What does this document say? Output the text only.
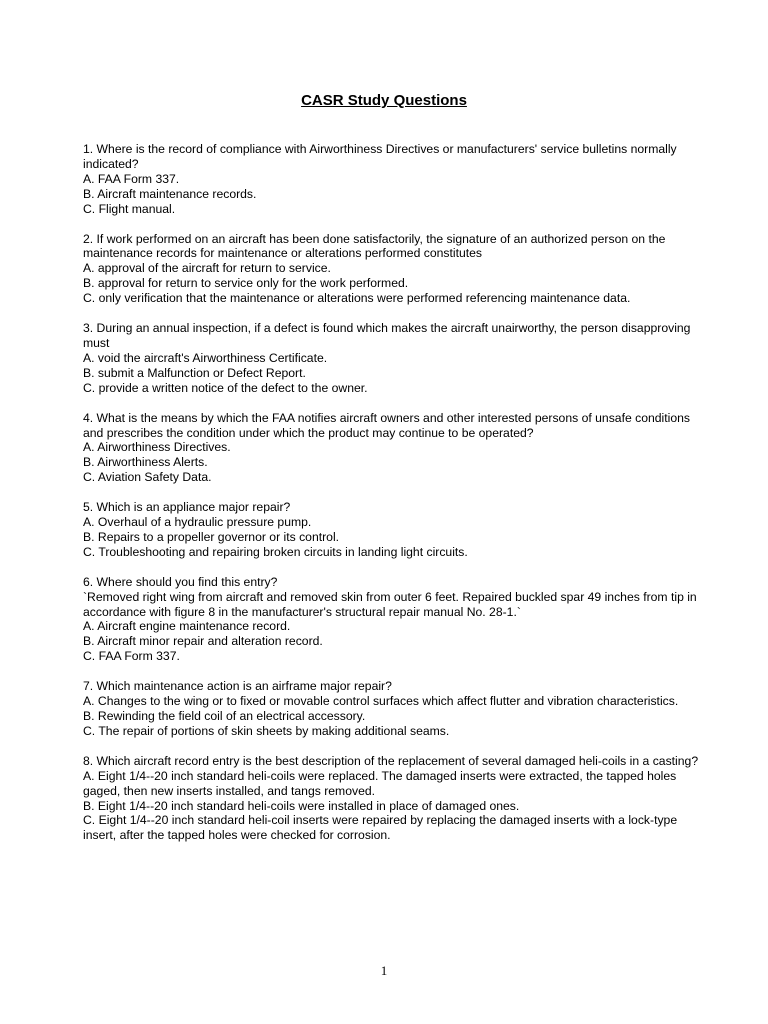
CASR Study Questions

1. Where is the record of compliance with Airworthiness Directives or manufacturers' service bulletins normally indicated?

A. FAA Form 337.

B. Aircraft maintenance records.

C. Flight manual.

2. If work performed on an aircraft has been done satisfactorily, the signature of an authorized person on the maintenance records for maintenance or alterations performed constitutes

A. approval of the aircraft for return to service.

B. approval for return to service only for the work performed.

C. only verification that the maintenance or alterations were performed referencing maintenance data.

3. During an annual inspection, if a defect is found which makes the aircraft unairworthy, the person disapproving must

A. void the aircraft's Airworthiness Certificate.

B. submit a Malfunction or Defect Report.

C. provide a written notice of the defect to the owner.

4. What is the means by which the FAA notifies aircraft owners and other interested persons of unsafe conditions and prescribes the condition under which the product may continue to be operated?

A. Airworthiness Directives.

B. Airworthiness Alerts.

C. Aviation Safety Data.

5. Which is an appliance major repair?

A. Overhaul of a hydraulic pressure pump.

B. Repairs to a propeller governor or its control.

C. Troubleshooting and repairing broken circuits in landing light circuits.

6. Where should you find this entry?

`Removed right wing from aircraft and removed skin from outer 6 feet. Repaired buckled spar 49 inches from tip in accordance with figure 8 in the manufacturer's structural repair manual No. 28-1.`

A. Aircraft engine maintenance record.

B. Aircraft minor repair and alteration record.

C. FAA Form 337.

7. Which maintenance action is an airframe major repair?

A. Changes to the wing or to fixed or movable control surfaces which affect flutter and vibration characteristics.

B. Rewinding the field coil of an electrical accessory.

C. The repair of portions of skin sheets by making additional seams.

8. Which aircraft record entry is the best description of the replacement of several damaged heli-coils in a casting?

A. Eight 1/4--20 inch standard heli-coils were replaced. The damaged inserts were extracted, the tapped holes gaged, then new inserts installed, and tangs removed.

B. Eight 1/4--20 inch standard heli-coils were installed in place of damaged ones.

C. Eight 1/4--20 inch standard heli-coil inserts were repaired by replacing the damaged inserts with a lock-type insert, after the tapped holes were checked for corrosion.

1
